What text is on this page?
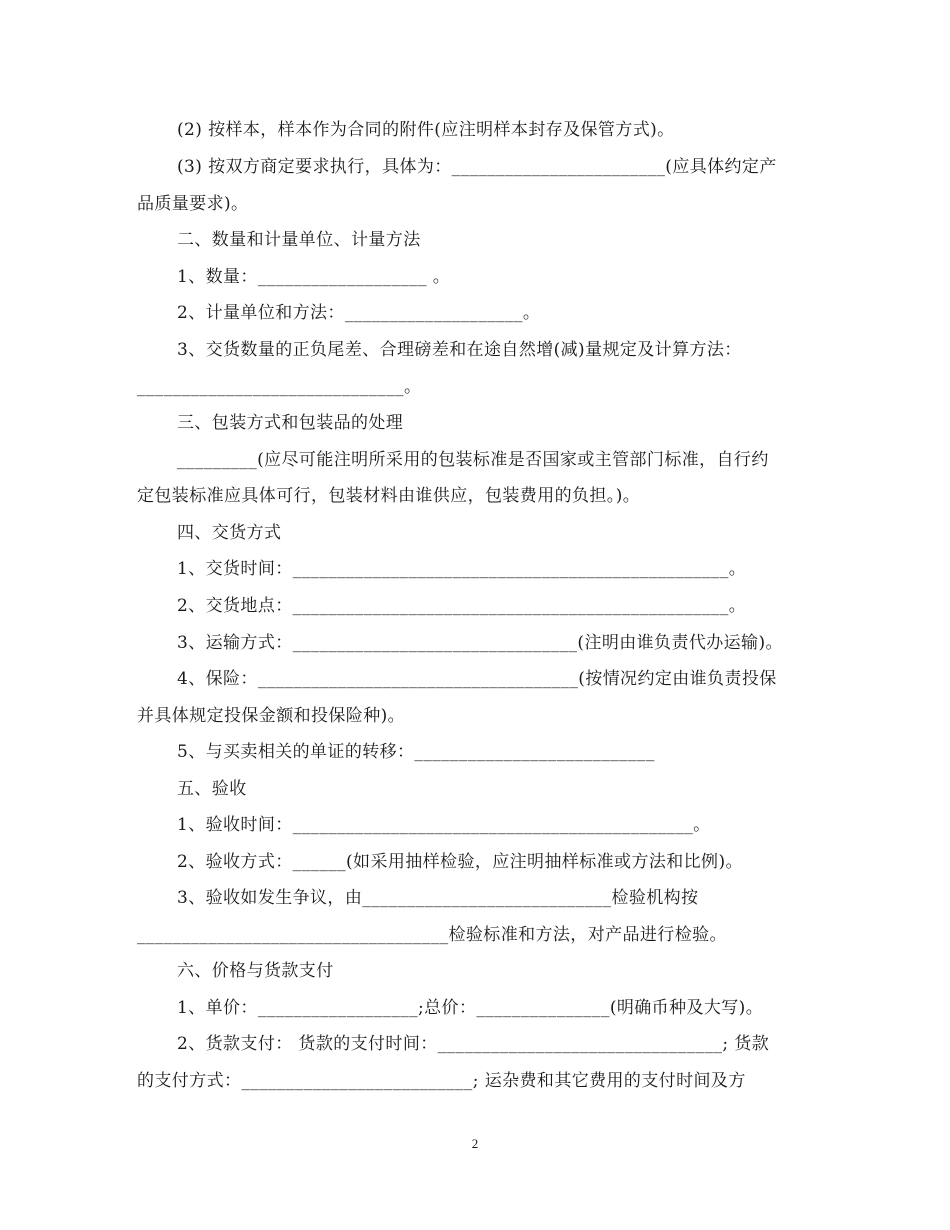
(2) 按样本，样本作为合同的附件(应注明样本封存及保管方式)。
(3) 按双方商定要求执行，具体为：________________________(应具体约定产
品质量要求)。
二、数量和计量单位、计量方法
1、数量：___________________ 。
2、计量单位和方法：____________________。
3、交货数量的正负尾差、合理磅差和在途自然增(减)量规定及计算方法：
______________________________。
三、包装方式和包装品的处理
_________(应尽可能注明所采用的包装标准是否国家或主管部门标准，自行约
定包装标准应具体可行，包装材料由谁供应，包装费用的负担。)。
四、交货方式
1、交货时间：_________________________________________________。
2、交货地点：_________________________________________________。
3、运输方式：________________________________(注明由谁负责代办运输)。
4、保险：____________________________________(按情况约定由谁负责投保
并具体规定投保金额和投保险种)。
5、与买卖相关的单证的转移：___________________________
五、验收
1、验收时间：_____________________________________________。
2、验收方式：______(如采用抽样检验，应注明抽样标准或方法和比例)。
3、验收如发生争议，由____________________________检验机构按
___________________________________检验标准和方法，对产品进行检验。
六、价格与货款支付
1、单价：__________________;总价：_______________(明确币种及大写)。
2、货款支付： 货款的支付时间：________________________________; 货款
的支付方式：__________________________; 运杂费和其它费用的支付时间及方
2
